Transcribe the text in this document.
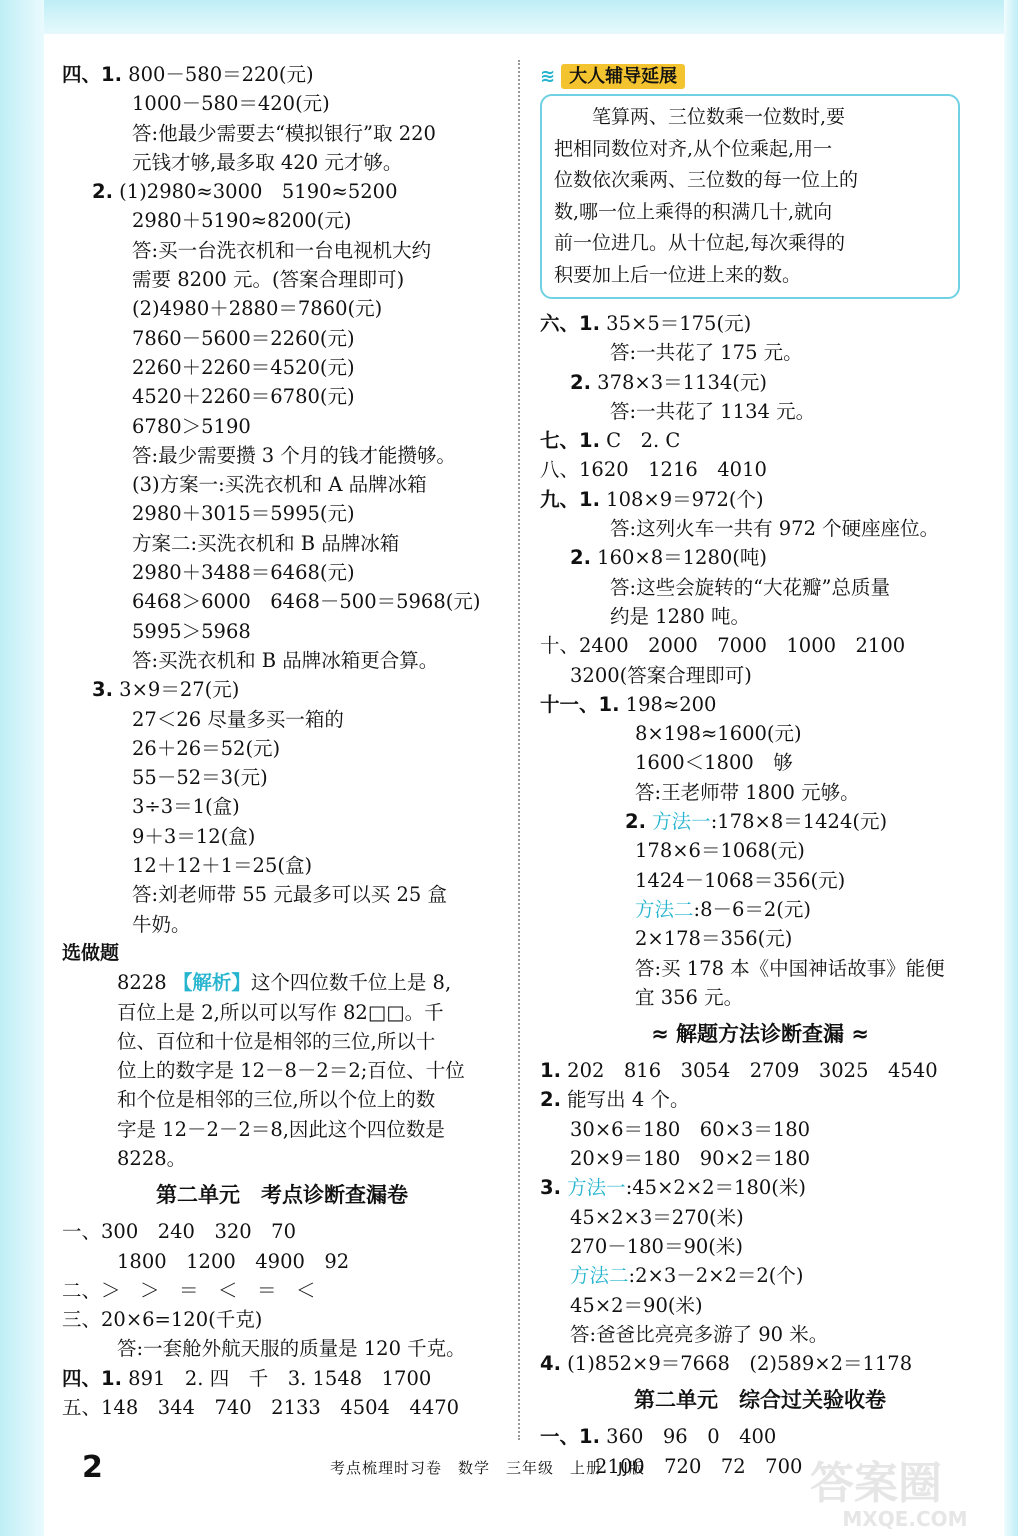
四、1. 800－580＝220(元)
1000－580＝420(元)
答:他最少需要去“模拟银行”取 220
元钱才够,最多取 420 元才够。
2. (1)2980≈3000　5190≈5200
2980＋5190≈8200(元)
答:买一台洗衣机和一台电视机大约
需要 8200 元。(答案合理即可)
(2)4980＋2880＝7860(元)
7860－5600＝2260(元)
2260＋2260＝4520(元)
4520＋2260＝6780(元)
6780＞5190
答:最少需要攒 3 个月的钱才能攒够。
(3)方案一:买洗衣机和 A 品牌冰箱
2980＋3015＝5995(元)
方案二:买洗衣机和 B 品牌冰箱
2980＋3488＝6468(元)
6468＞6000　6468－500＝5968(元)
5995＞5968
答:买洗衣机和 B 品牌冰箱更合算。
3. 3×9＝27(元)
27＜26 尽量多买一箱的
26＋26＝52(元)
55－52＝3(元)
3÷3＝1(盒)
9＋3＝12(盒)
12＋12＋1＝25(盒)
答:刘老师带 55 元最多可以买 25 盒
牛奶。
选做题
8228 【解析】这个四位数千位上是 8,
百位上是 2,所以可以写作 82□□。千
位、百位和十位是相邻的三位,所以十
位上的数字是 12－8－2＝2;百位、十位
和个位是相邻的三位,所以个位上的数
字是 12－2－2＝8,因此这个四位数是
8228。
第二单元　考点诊断查漏卷
一、300　240　320　70
1800　1200　4900　92
二、＞　＞　＝　＜　＝　＜
三、20×6=120(千克)
答:一套舱外航天服的质量是 120 千克。
四、1. 891　2. 四　千　3. 1548　1700
五、148　344　740　2133　4504　4470
≋ 大人辅导延展
　　笔算两、三位数乘一位数时,要
把相同数位对齐,从个位乘起,用一
位数依次乘两、三位数的每一位上的
数,哪一位上乘得的积满几十,就向
前一位进几。从十位起,每次乘得的
积要加上后一位进上来的数。
六、1. 35×5＝175(元)
答:一共花了 175 元。
2. 378×3＝1134(元)
答:一共花了 1134 元。
七、1. C　2. C
八、1620　1216　4010
九、1. 108×9＝972(个)
答:这列火车一共有 972 个硬座座位。
2. 160×8＝1280(吨)
答:这些会旋转的“大花瓣”总质量
约是 1280 吨。
十、2400　2000　7000　1000　2100
3200(答案合理即可)
十一、1. 198≈200
8×198≈1600(元)
1600＜1800　够
答:王老师带 1800 元够。
2. 方法一:178×8＝1424(元)
178×6＝1068(元)
1424－1068＝356(元)
方法二:8－6＝2(元)
2×178＝356(元)
答:买 178 本《中国神话故事》能便
宜 356 元。
≈ 解题方法诊断查漏 ≈
1. 202　816　3054　2709　3025　4540
2. 能写出 4 个。
30×6＝180　60×3＝180
20×9＝180　90×2＝180
3. 方法一:45×2×2＝180(米)
45×2×3＝270(米)
270－180＝90(米)
方法二:2×3－2×2＝2(个)
45×2＝90(米)
答:爸爸比亮亮多游了 90 米。
4. (1)852×9＝7668　(2)589×2＝1178
第二单元　综合过关验收卷
一、1. 360　96　0　400
2100　720　72　700
2	考点梳理时习卷　数学　三年级　上册　JJ版	答案圈
MXQE.COM
